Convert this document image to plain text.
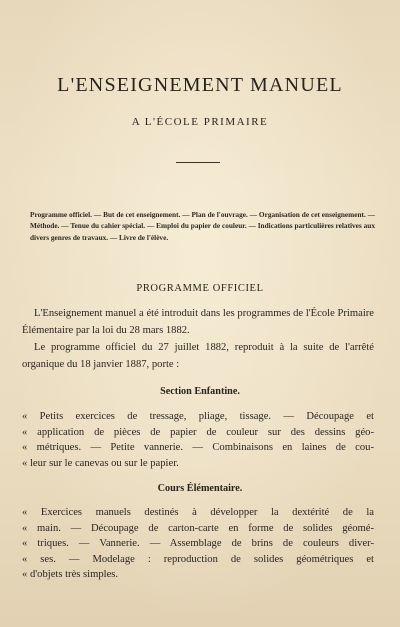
L'ENSEIGNEMENT MANUEL
A L'ÉCOLE PRIMAIRE

Programme officiel. — But de cet enseignement. — Plan de l'ouvrage. — Organisation de cet enseignement. — Méthode. — Tenue du cahier spécial. — Emploi du papier de couleur. — Indications particulières relatives aux divers genres de travaux. — Livre de l'élève.

PROGRAMME OFFICIEL

L'Enseignement manuel a été introduit dans les programmes de l'École Primaire Élémentaire par la loi du 28 mars 1882.

Le programme officiel du 27 juillet 1882, reproduit à la suite de l'arrêté organique du 18 janvier 1887, porte :

Section Enfantine.
« Petits exercices de tressage, pliage, tissage. — Découpage et
« application de pièces de papier de couleur sur des dessins géo-
« métriques. — Petite vannerie. — Combinaisons en laines de cou-
« leur sur le canevas ou sur le papier.
Cours Élémentaire.
« Exercices manuels destinés à développer la dextérité de la
« main. — Découpage de carton-carte en forme de solides géomé-
« triques. — Vannerie. — Assemblage de brins de couleurs diver-
« ses. — Modelage : reproduction de solides géométriques et
« d'objets très simples.
